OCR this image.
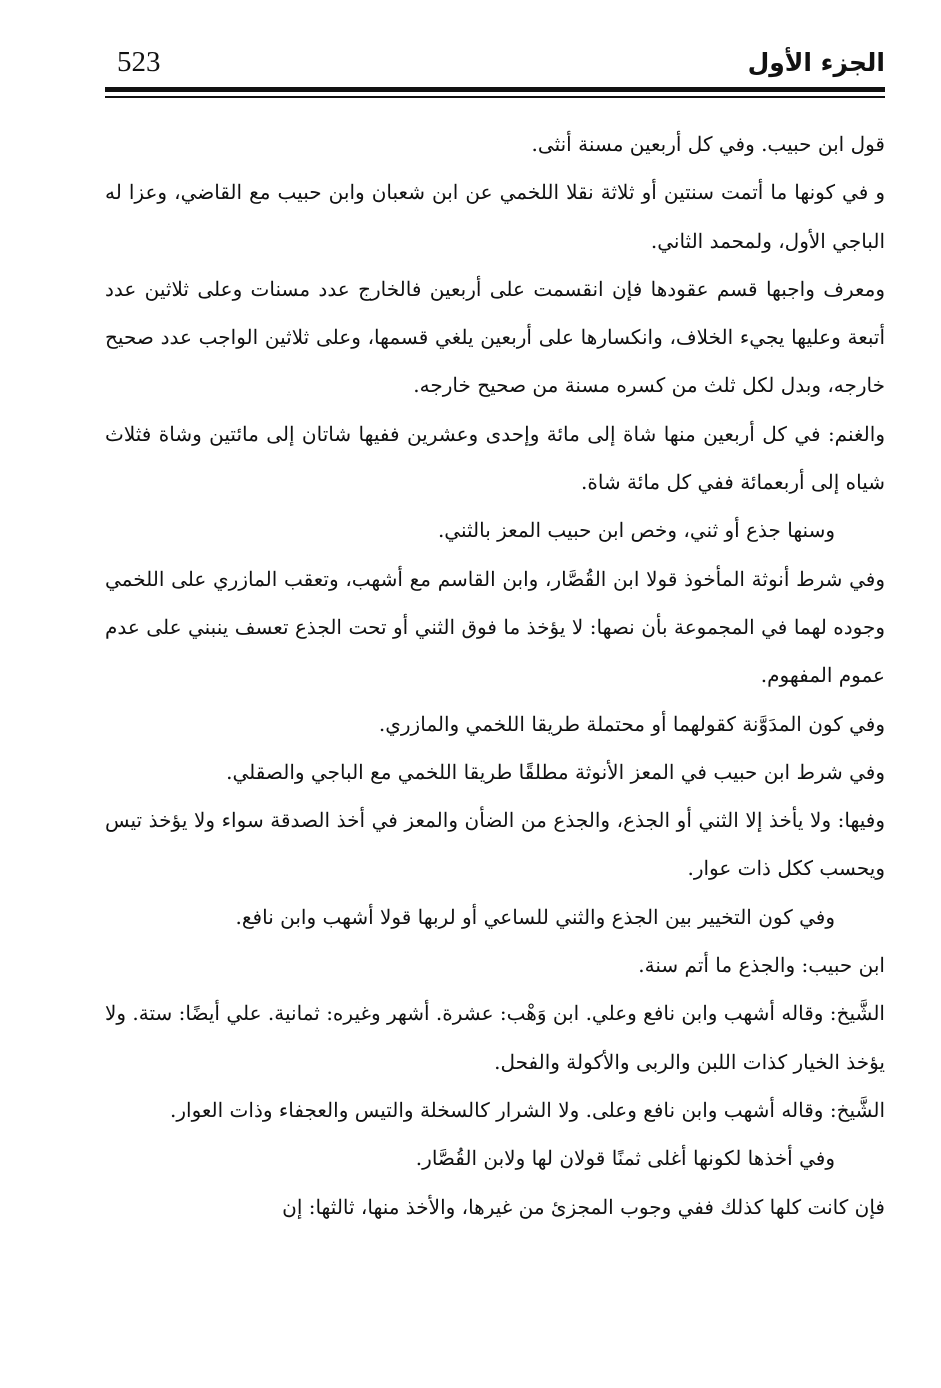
523	الجزء الأول

قول ابن حبيب. وفي كل أربعين مسنة أنثى.

و في كونها ما أتمت سنتين أو ثلاثة نقلا اللخمي عن ابن شعبان وابن حبيب مع القاضي، وعزا له الباجي الأول، ولمحمد الثاني.

ومعرف واجبها قسم عقودها فإن انقسمت على أربعين فالخارج عدد مسنات وعلى ثلاثين عدد أتبعة وعليها يجيء الخلاف، وانكسارها على أربعين يلغي قسمها، وعلى ثلاثين الواجب عدد صحيح خارجه، وبدل لكل ثلث من كسره مسنة من صحيح خارجه.

والغنم: في كل أربعين منها شاة إلى مائة وإحدى وعشرين ففيها شاتان إلى مائتين وشاة فثلاث شياه إلى أربعمائة ففي كل مائة شاة.

وسنها جذع أو ثني، وخص ابن حبيب المعز بالثني.

وفي شرط أنوثة المأخوذ قولا ابن القُصَّار، وابن القاسم مع أشهب، وتعقب المازري على اللخمي وجوده لهما في المجموعة بأن نصها: لا يؤخذ ما فوق الثني أو تحت الجذع تعسف ينبني على عدم عموم المفهوم.

وفي كون المدَوَّنة كقولهما أو محتملة طريقا اللخمي والمازري.

وفي شرط ابن حبيب في المعز الأنوثة مطلقًا طريقا اللخمي مع الباجي والصقلي.

وفيها: ولا يأخذ إلا الثني أو الجذع، والجذع من الضأن والمعز في أخذ الصدقة سواء ولا يؤخذ تيس ويحسب ككل ذات عوار.

وفي كون التخيير بين الجذع والثني للساعي أو لربها قولا أشهب وابن نافع.

ابن حبيب: والجذع ما أتم سنة.

الشَّيخ: وقاله أشهب وابن نافع وعلي. ابن وَهْب: عشرة. أشهر وغيره: ثمانية. علي أيضًا: ستة. ولا يؤخذ الخيار كذات اللبن والربى والأكولة والفحل.

الشَّيخ: وقاله أشهب وابن نافع وعلى. ولا الشرار كالسخلة والتيس والعجفاء وذات العوار.

وفي أخذها لكونها أغلى ثمنًا قولان لها ولابن القُصَّار.

فإن كانت كلها كذلك ففي وجوب المجزئ من غيرها، والأخذ منها، ثالثها: إن
